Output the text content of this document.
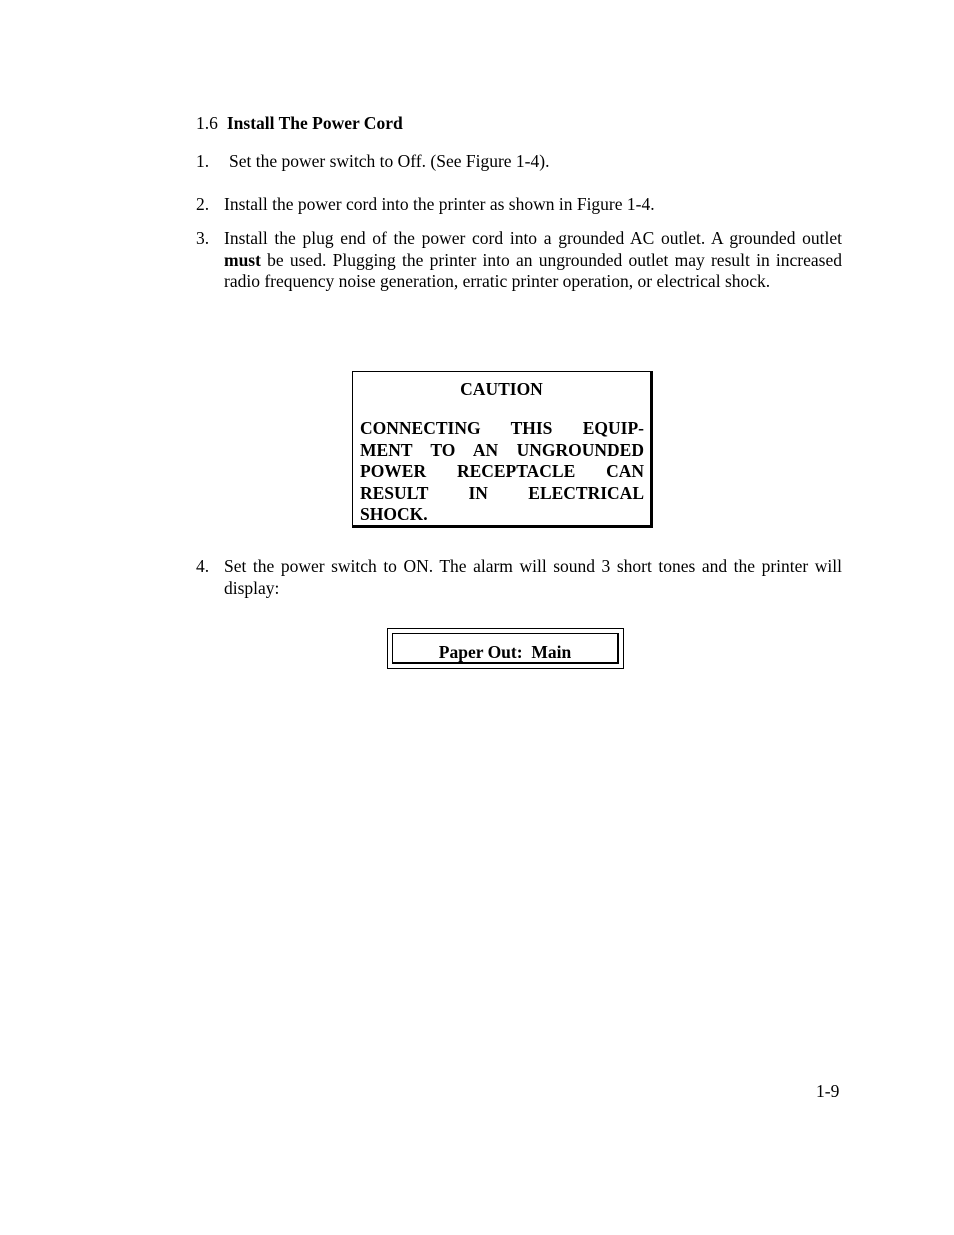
1.6 Install The Power Cord
1. Set the power switch to Off. (See Figure 1-4).
2. Install the power cord into the printer as shown in Figure 1-4.
3. Install the plug end of the power cord into a grounded AC outlet. A grounded outlet must be used. Plugging the printer into an ungrounded outlet may result in increased radio frequency noise generation, erratic printer operation, or electrical shock.
CAUTION
CONNECTING THIS EQUIP-
MENT TO AN UNGROUNDED
POWER RECEPTACLE CAN
RESULT IN ELECTRICAL
SHOCK.
4. Set the power switch to ON. The alarm will sound 3 short tones and the printer will display:
Paper Out:  Main
1-9
